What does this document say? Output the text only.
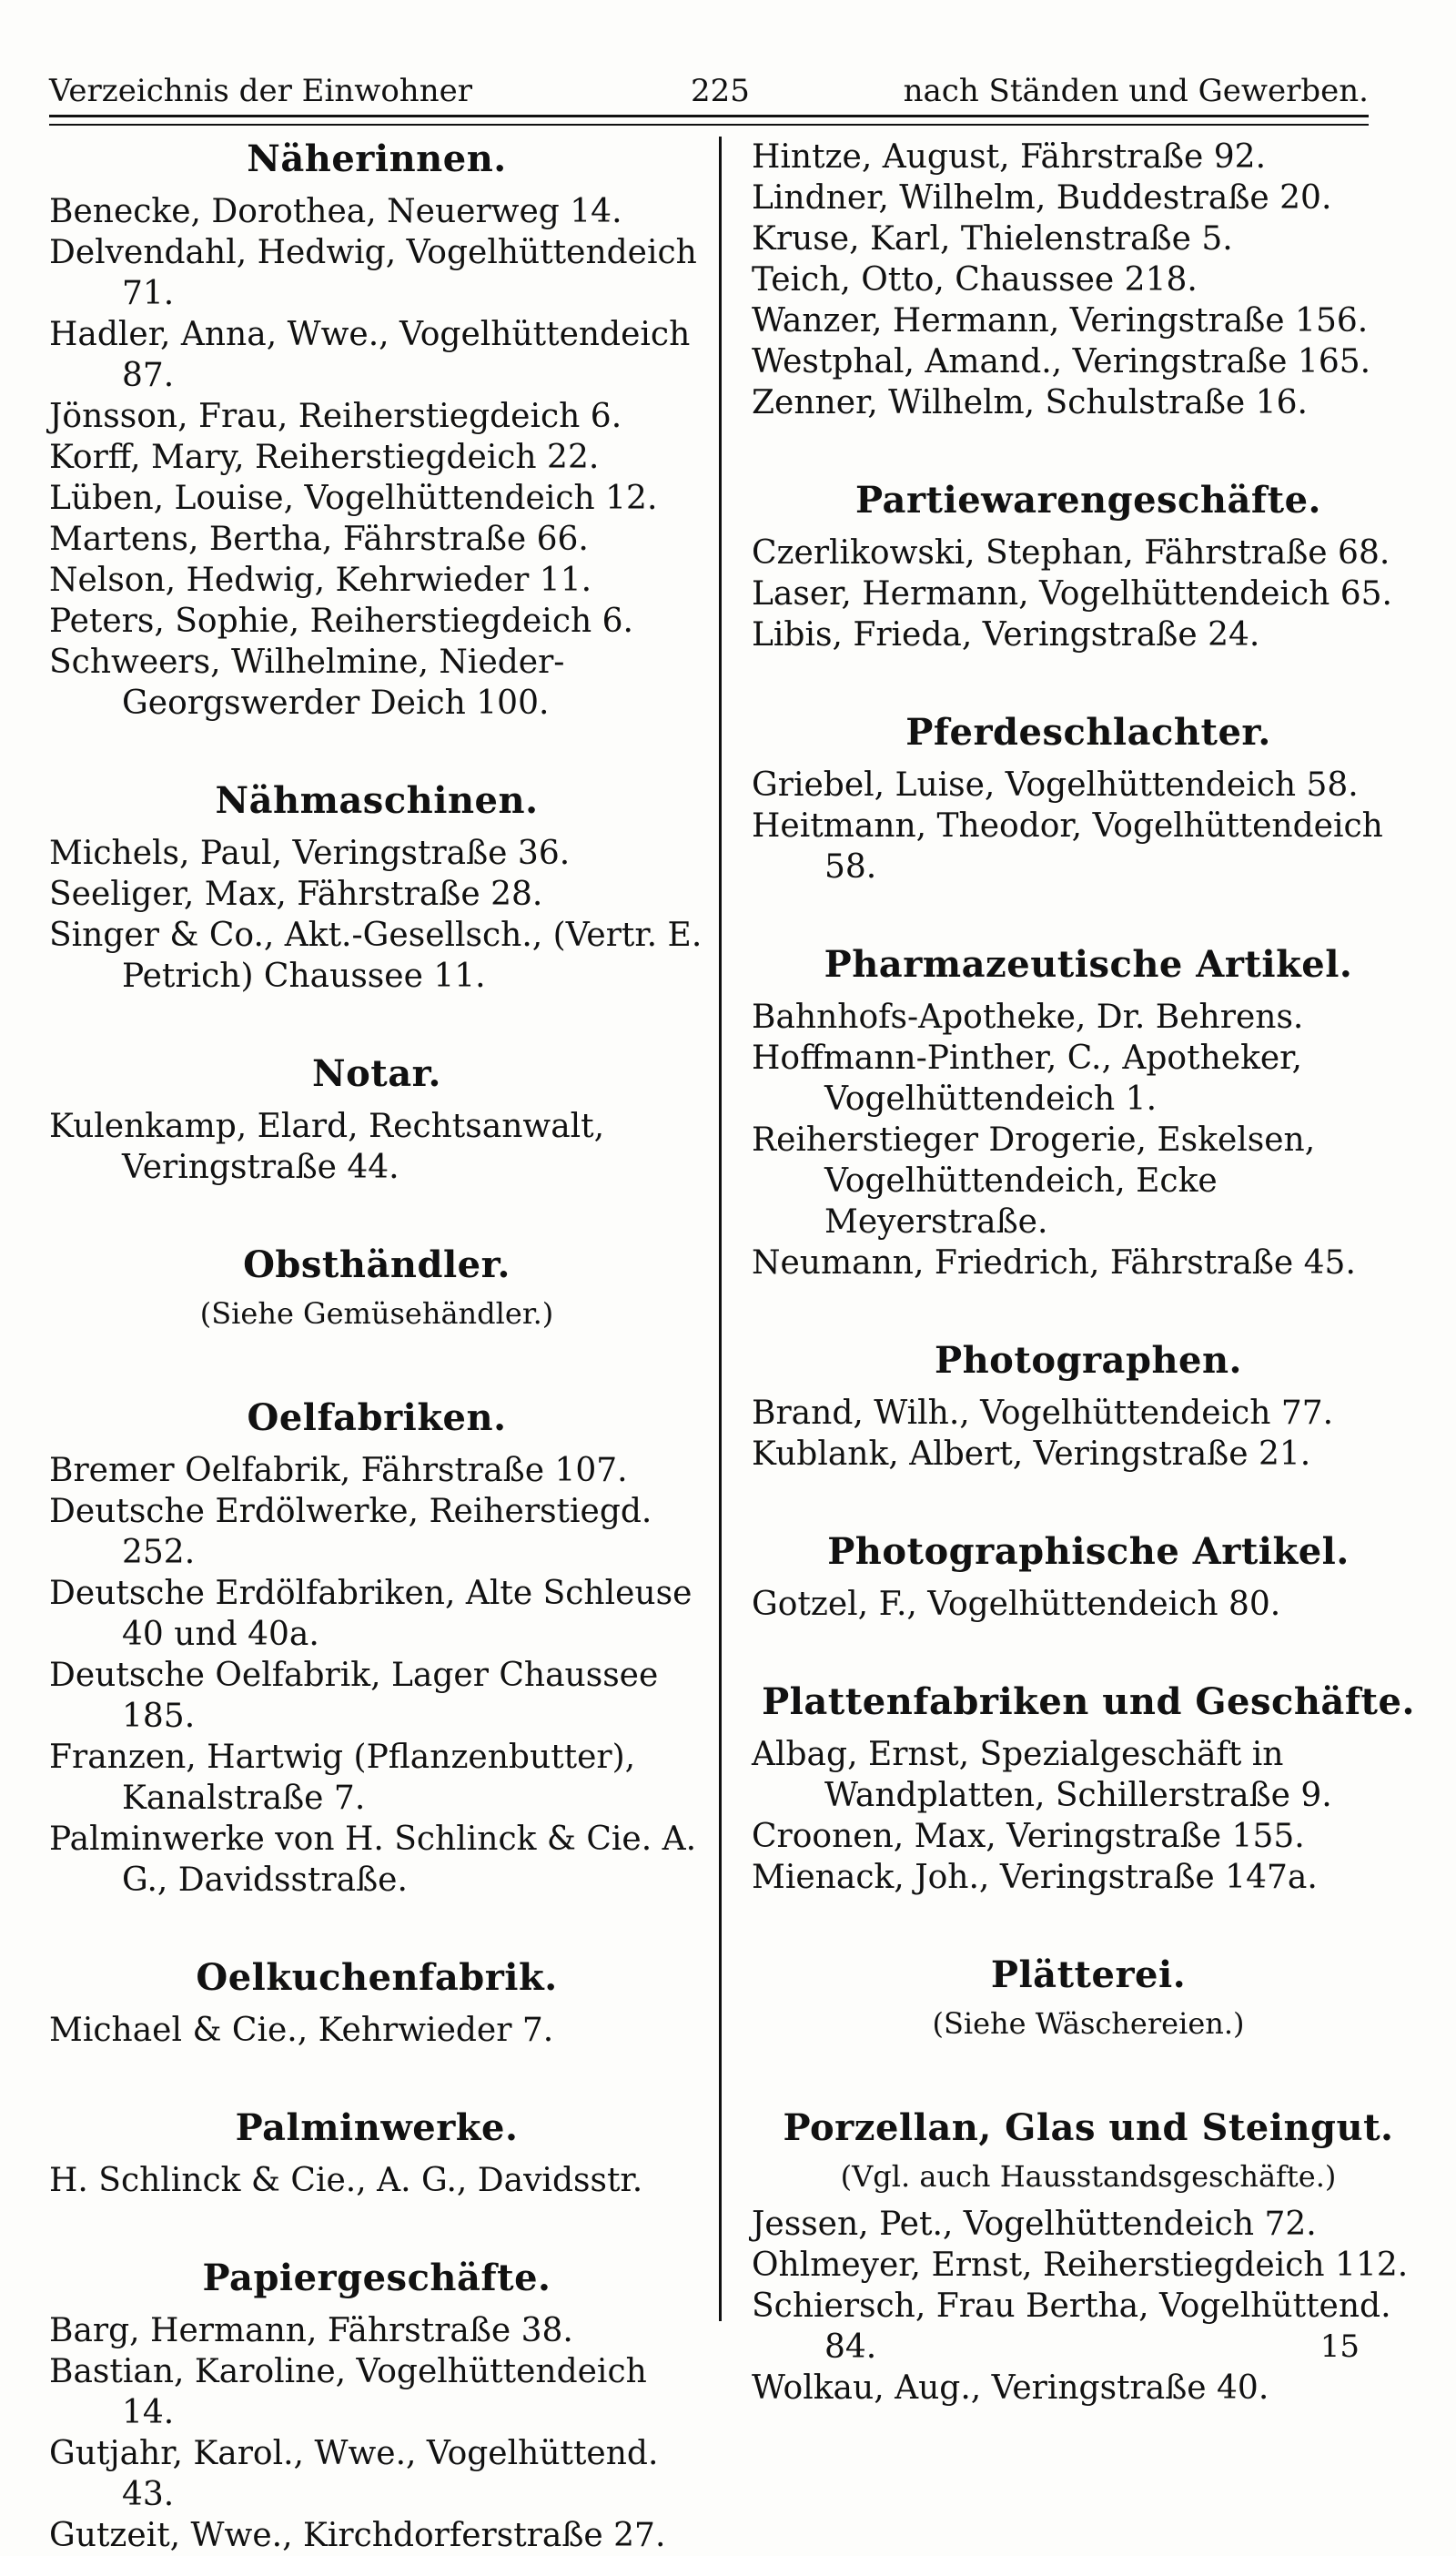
Verzeichnis der Einwohner	225	nach Ständen und Gewerben.
Näherinnen.

Benecke, Dorothea, Neuerweg 14.

Delvendahl, Hedwig, Vogelhüttendeich 71.

Hadler, Anna, Wwe., Vogelhüttendeich 87.

Jönsson, Frau, Reiherstiegdeich 6.

Korff, Mary, Reiherstiegdeich 22.

Lüben, Louise, Vogelhüttendeich 12.

Martens, Bertha, Fährstraße 66.

Nelson, Hedwig, Kehrwieder 11.

Peters, Sophie, Reiherstiegdeich 6.

Schweers, Wilhelmine, Nieder-Georgswerder Deich 100.

Nähmaschinen.

Michels, Paul, Veringstraße 36.

Seeliger, Max, Fährstraße 28.

Singer & Co., Akt.-Gesellsch., (Vertr. E. Petrich) Chaussee 11.

Notar.

Kulenkamp, Elard, Rechtsanwalt, Veringstraße 44.

Obsthändler.
(Siehe Gemüsehändler.)
Oelfabriken.

Bremer Oelfabrik, Fährstraße 107.

Deutsche Erdölwerke, Reiherstiegd. 252.

Deutsche Erdölfabriken, Alte Schleuse 40 und 40a.

Deutsche Oelfabrik, Lager Chaussee 185.

Franzen, Hartwig (Pflanzenbutter), Kanalstraße 7.

Palminwerke von H. Schlinck & Cie. A. G., Davidsstraße.

Oelkuchenfabrik.

Michael & Cie., Kehrwieder 7.

Palminwerke.

H. Schlinck & Cie., A. G., Davidsstr.

Papiergeschäfte.

Barg, Hermann, Fährstraße 38.

Bastian, Karoline, Vogelhüttendeich 14.

Gutjahr, Karol., Wwe., Vogelhüttend. 43.

Gutzeit, Wwe., Kirchdorferstraße 27.

Hintze, August, Fährstraße 92.

Lindner, Wilhelm, Buddestraße 20.

Kruse, Karl, Thielenstraße 5.

Teich, Otto, Chaussee 218.

Wanzer, Hermann, Veringstraße 156.

Westphal, Amand., Veringstraße 165.

Zenner, Wilhelm, Schulstraße 16.

Partiewarengeschäfte.

Czerlikowski, Stephan, Fährstraße 68.

Laser, Hermann, Vogelhüttendeich 65.

Libis, Frieda, Veringstraße 24.

Pferdeschlachter.

Griebel, Luise, Vogelhüttendeich 58.

Heitmann, Theodor, Vogelhüttendeich 58.

Pharmazeutische Artikel.

Bahnhofs-Apotheke, Dr. Behrens.

Hoffmann-Pinther, C., Apotheker, Vogelhüttendeich 1.

Reiherstieger Drogerie, Eskelsen, Vogelhüttendeich, Ecke Meyerstraße.

Neumann, Friedrich, Fährstraße 45.

Photographen.

Brand, Wilh., Vogelhüttendeich 77.

Kublank, Albert, Veringstraße 21.

Photographische Artikel.

Gotzel, F., Vogelhüttendeich 80.

Plattenfabriken und Geschäfte.

Albag, Ernst, Spezialgeschäft in Wandplatten, Schillerstraße 9.

Croonen, Max, Veringstraße 155.

Mienack, Joh., Veringstraße 147a.

Plätterei.
(Siehe Wäschereien.)
Porzellan, Glas und Steingut.
(Vgl. auch Hausstandsgeschäfte.)

Jessen, Pet., Vogelhüttendeich 72.

Ohlmeyer, Ernst, Reiherstiegdeich 112.

Schiersch, Frau Bertha, Vogelhüttend. 84.

Wolkau, Aug., Veringstraße 40.

15
